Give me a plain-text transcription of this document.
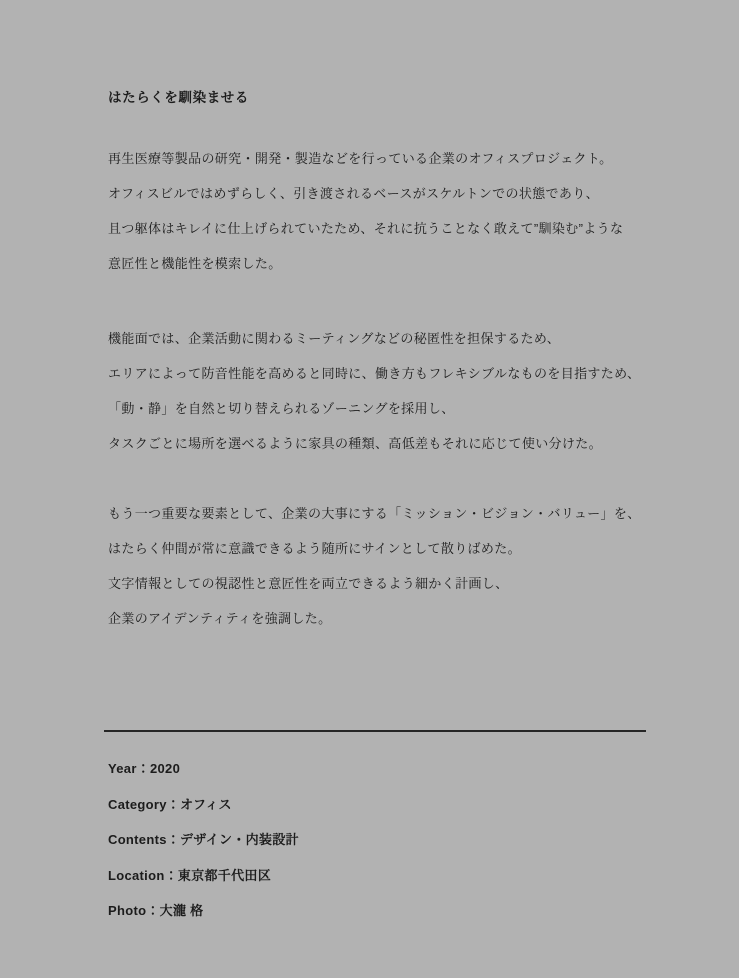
はたらくを馴染ませる
再生医療等製品の研究・開発・製造などを行っている企業のオフィスプロジェクト。
オフィスビルではめずらしく、引き渡されるベースがスケルトンでの状態であり、
且つ躯体はキレイに仕上げられていたため、それに抗うことなく敢えて”馴染む”ような
意匠性と機能性を模索した。
機能面では、企業活動に関わるミーティングなどの秘匿性を担保するため、
エリアによって防音性能を高めると同時に、働き方もフレキシブルなものを目指すため、
「動・静」を自然と切り替えられるゾーニングを採用し、
タスクごとに場所を選べるように家具の種類、高低差もそれに応じて使い分けた。
もう一つ重要な要素として、企業の大事にする「ミッション・ビジョン・バリュー」を、
はたらく仲間が常に意識できるよう随所にサインとして散りばめた。
文字情報としての視認性と意匠性を両立できるよう細かく計画し、
企業のアイデンティティを強調した。
Year：2020
Category：オフィス
Contents：デザイン・内装設計
Location：東京都千代田区
Photo：大瀧 格
